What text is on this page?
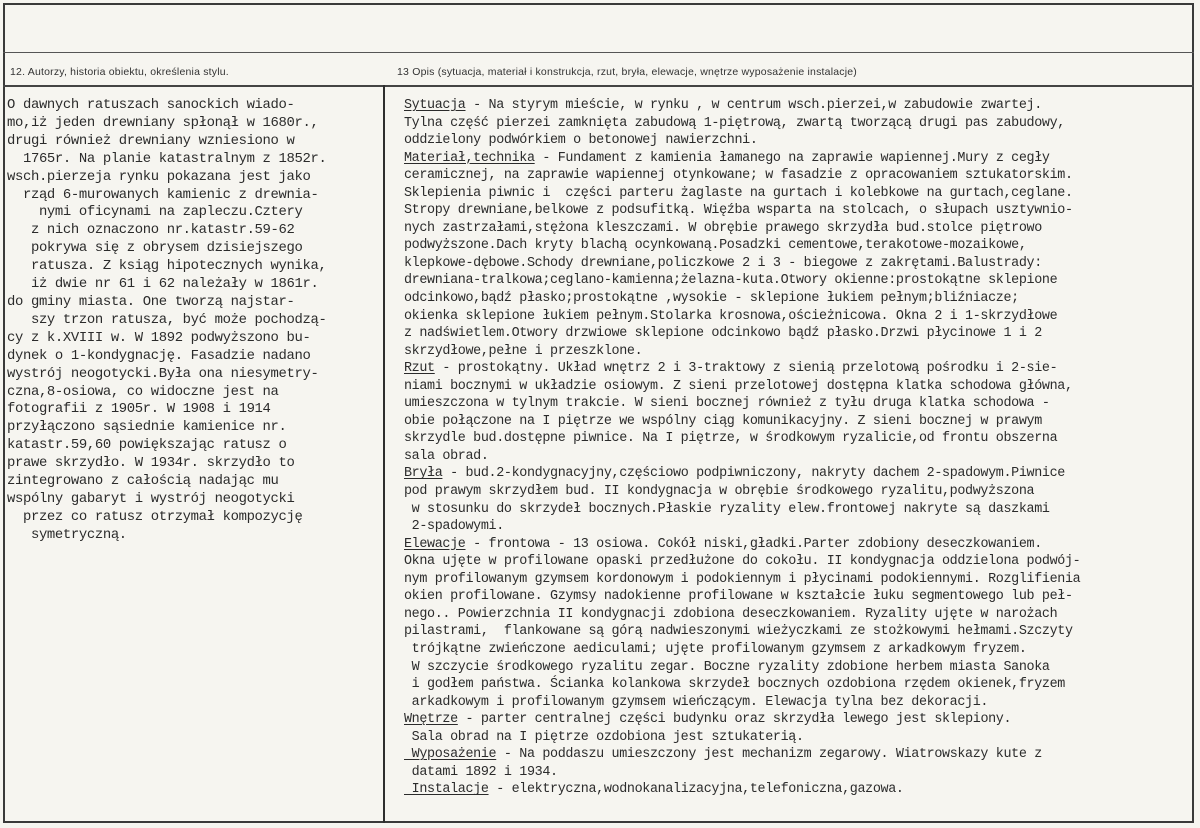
12. Autorzy, historia obiektu, określenia stylu.	13 Opis (sytuacja, materiał i konstrukcja, rzut, bryła, elewacje, wnętrze wyposażenie instalacje)
O dawnych ratuszach sanockich wiado-
mo,iż jeden drewniany spłonął w 1680r.,
drugi również drewniany wzniesiono w
1765r. Na planie katastralnym z 1852r.
wsch.pierzeja rynku pokazana jest jako
rząd 6-murowanych kamienic z drewnia-
nymi oficynami na zapleczu.Cztery
z nich oznaczono nr.katastr.59-62
pokrywa się z obrysem dzisiejszego
ratusza. Z ksiąg hipotecznych wynika,
iż dwie nr 61 i 62 należały w 1861r.
do gminy miasta. One tworzą najstar-
szy trzon ratusza, być może pochodzą-
cy z k.XVIII w. W 1892 podwyższono bu-
dynek o 1-kondygnację. Fasadzie nadano
wystrój neogotycki.Była ona niesymetry-
czna,8-osiowa, co widoczne jest na
fotografii z 1905r. W 1908 i 1914
przyłączono sąsiednie kamienice nr.
katastr.59,60 powiększając ratusz o
prawe skrzydło. W 1934r. skrzydło to
zintegrowano z całością nadając mu
wspólny gabaryt i wystrój neogotycki
przez co ratusz otrzymał kompozycję
symetryczną.
Sytuacja - Na styrym mieście, w rynku , w centrum wsch.pierzei,w zabudowie zwartej.
Tylna część pierzei zamknięta zabudową 1-piętrową, zwartą tworzącą drugi pas zabudowy,
oddzielony podwórkiem o betonowej nawierzchni.
Materiał,technika - Fundament z kamienia łamanego na zaprawie wapiennej.Mury z cegły
ceramicznej, na zaprawie wapiennej otynkowane; w fasadzie z opracowaniem sztukatorskim.
Sklepienia piwnic i  części parteru żaglaste na gurtach i kolebkowe na gurtach,ceglane.
Stropy drewniane,belkowe z podsufitką. Więźba wsparta na stolcach, o słupach usztywnio-
nych zastrzałami,stężona kleszczami. W obrębie prawego skrzydła bud.stolce piętrowo
podwyższone.Dach kryty blachą ocynkowaną.Posadzki cementowe,terakotowe-mozaikowe,
klepkowe-dębowe.Schody drewniane,policzkowe 2 i 3 - biegowe z zakrętami.Balustrady:
drewniana-tralkowa;ceglano-kamienna;żelazna-kuta.Otwory okienne:prostokątne sklepione
odcinkowo,bądź płasko;prostokątne ,wysokie - sklepione łukiem pełnym;bliźniacze;
okienka sklepione łukiem pełnym.Stolarka krosnowa,ościeżnicowa. Okna 2 i 1-skrzydłowe
z nadświetlem.Otwory drzwiowe sklepione odcinkowo bądź płasko.Drzwi płycinowe 1 i 2
skrzydłowe,pełne i przeszklone.
Rzut - prostokątny. Układ wnętrz 2 i 3-traktowy z sienią przelotową pośrodku i 2-sie-
niami bocznymi w układzie osiowym. Z sieni przelotowej dostępna klatka schodowa główna,
umieszczona w tylnym trakcie. W sieni bocznej również z tyłu druga klatka schodowa -
obie połączone na I piętrze we wspólny ciąg komunikacyjny. Z sieni bocznej w prawym
skrzydle bud.dostępne piwnice. Na I piętrze, w środkowym ryzalicie,od frontu obszerna
sala obrad.
Bryła - bud.2-kondygnacyjny,częściowo podpiwniczony, nakryty dachem 2-spadowym.Piwnice
pod prawym skrzydłem bud. II kondygnacja w obrębie środkowego ryzalitu,podwyższona
w stosunku do skrzydeł bocznych.Płaskie ryzality elew.frontowej nakryte są daszkami
2-spadowymi.
Elewacje - frontowa - 13 osiowa. Cokół niski,gładki.Parter zdobiony deseczkowaniem.
Okna ujęte w profilowane opaski przedłużone do cokołu. II kondygnacja oddzielona podwój-
nym profilowanym gzymsem kordonowym i podokiennym i płycinami podokiennymi. Rozglifienia
okien profilowane. Gzymsy nadokienne profilowane w kształcie łuku segmentowego lub peł-
nego.. Powierzchnia II kondygnacji zdobiona deseczkowaniem. Ryzality ujęte w narożach
pilastrami,  flankowane są górą nadwieszonymi wieżyczkami ze stożkowymi hełmami.Szczyty
trójkątne zwieńczone aediculami; ujęte profilowanym gzymsem z arkadkowym fryzem.
W szczycie środkowego ryzalitu zegar. Boczne ryzality zdobione herbem miasta Sanoka
i godłem państwa. Ścianka kolankowa skrzydeł bocznych ozdobiona rzędem okienek,fryzem
arkadkowym i profilowanym gzymsem wieńczącym. Elewacja tylna bez dekoracji.
Wnętrze - parter centralnej części budynku oraz skrzydła lewego jest sklepiony.
Sala obrad na I piętrze ozdobiona jest sztukaterią.
Wyposażenie - Na poddaszu umieszczony jest mechanizm zegarowy. Wiatrowskazy kute z
datami 1892 i 1934.
Instalacje - elektryczna,wodnokanalizacyjna,telefoniczna,gazowa.
